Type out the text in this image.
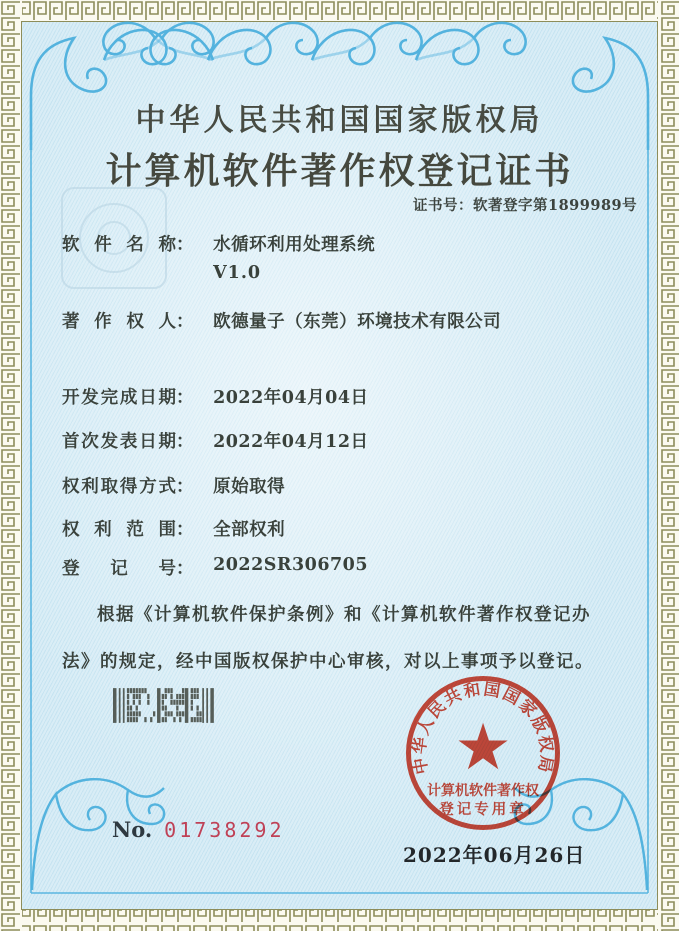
中华人民共和国国家版权局
计算机软件著作权登记证书
证书号：软著登字第1899989号
软件名称： 水循环利用处理系统
V1.0
著作权人： 欧德量子（东莞）环境技术有限公司
开发完成日期： 2022年04月04日
首次发表日期： 2022年04月12日
权利取得方式： 原始取得
权利范围： 全部权利
登记号： 2022SR306705
根据《计算机软件保护条例》和《计算机软件著作权登记办法》的规定，经中国版权保护中心审核，对以上事项予以登记。
No. 01738292
2022年06月26日
中华人民共和国国家版权局
★
计算机软件著作权
登记专用章
